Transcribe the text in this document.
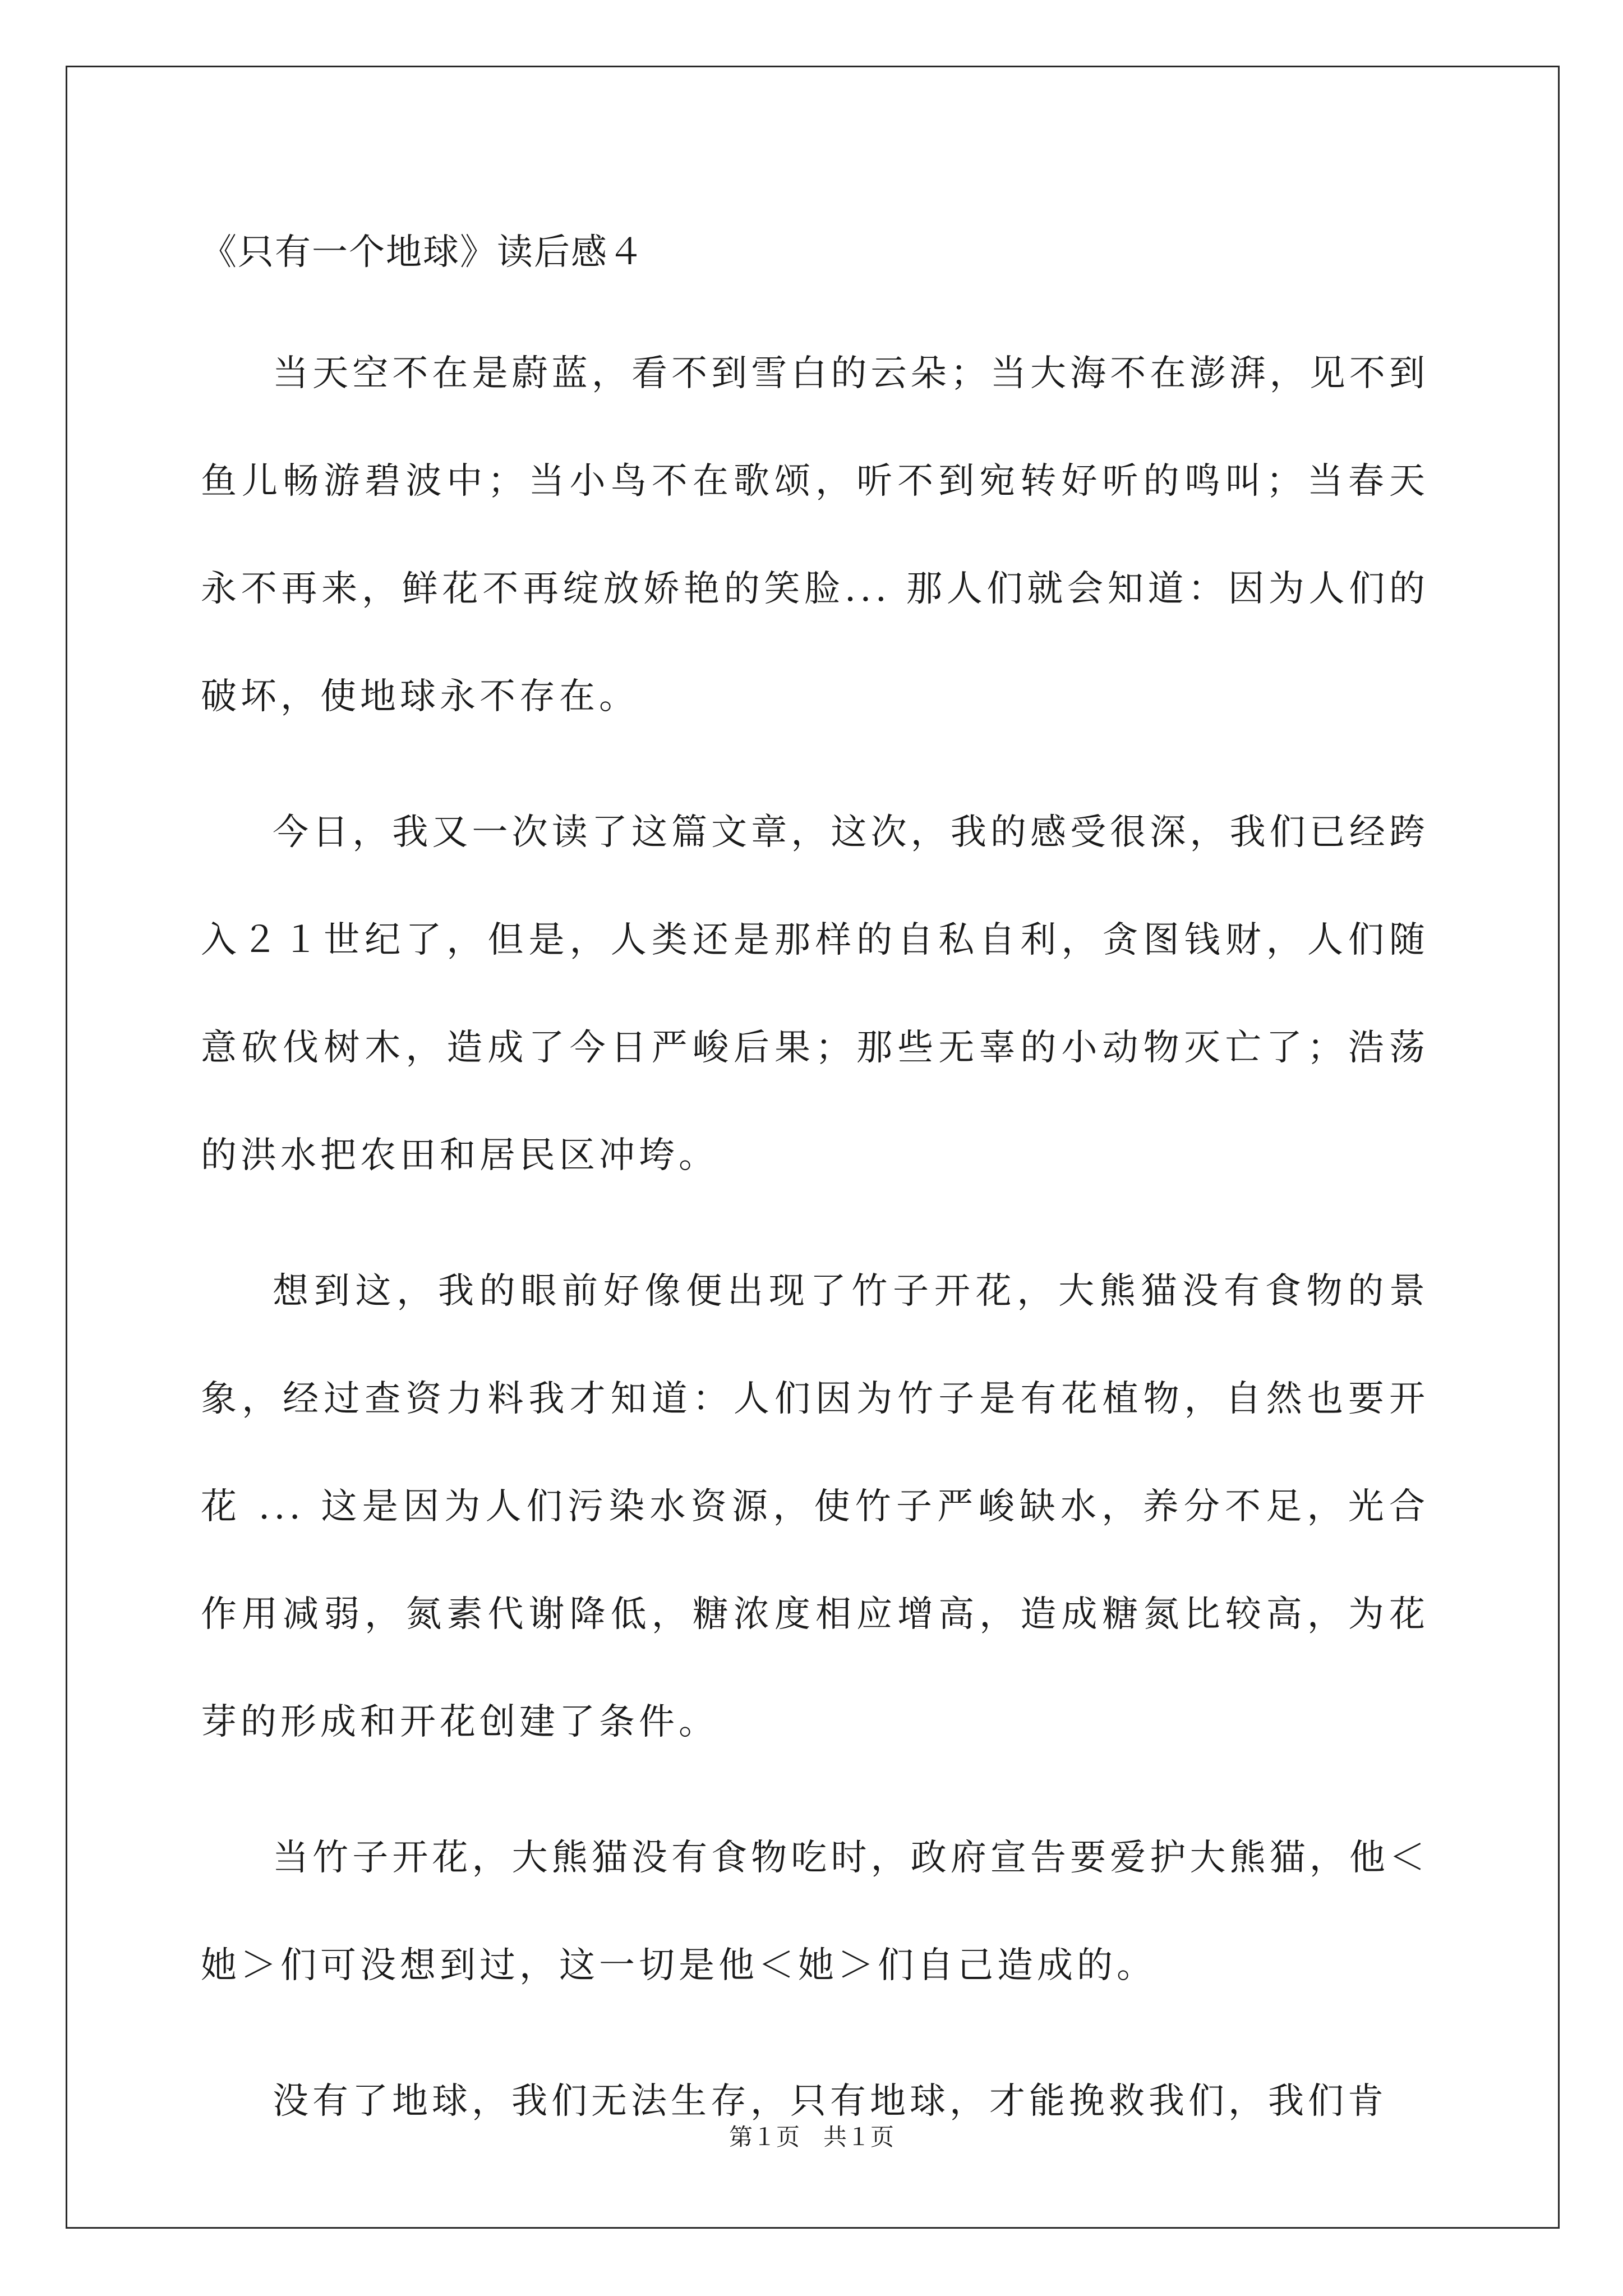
《只有一个地球》读后感４

当天空不在是蔚蓝，看不到雪白的云朵；当大海不在澎湃，见不到鱼儿畅游碧波中；当小鸟不在歌颂，听不到宛转好听的鸣叫；当春天永不再来，鲜花不再绽放娇艳的笑脸... 那人们就会知道：因为人们的破坏，使地球永不存在。

今日，我又一次读了这篇文章，这次，我的感受很深，我们已经跨入２１世纪了，但是，人类还是那样的自私自利，贪图钱财，人们随意砍伐树木，造成了今日严峻后果；那些无辜的小动物灭亡了；浩荡的洪水把农田和居民区冲垮。

想到这，我的眼前好像便出现了竹子开花，大熊猫没有食物的景象，经过查资力料我才知道：人们因为竹子是有花植物，自然也要开花 ... 这是因为人们污染水资源，使竹子严峻缺水，养分不足，光合作用减弱，氮素代谢降低，糖浓度相应增高，造成糖氮比较高，为花芽的形成和开花创建了条件。

当竹子开花，大熊猫没有食物吃时，政府宣告要爱护大熊猫，他＜她＞们可没想到过，这一切是他＜她＞们自己造成的。

没有了地球，我们无法生存，只有地球，才能挽救我们，我们肯

第１页　共１页
